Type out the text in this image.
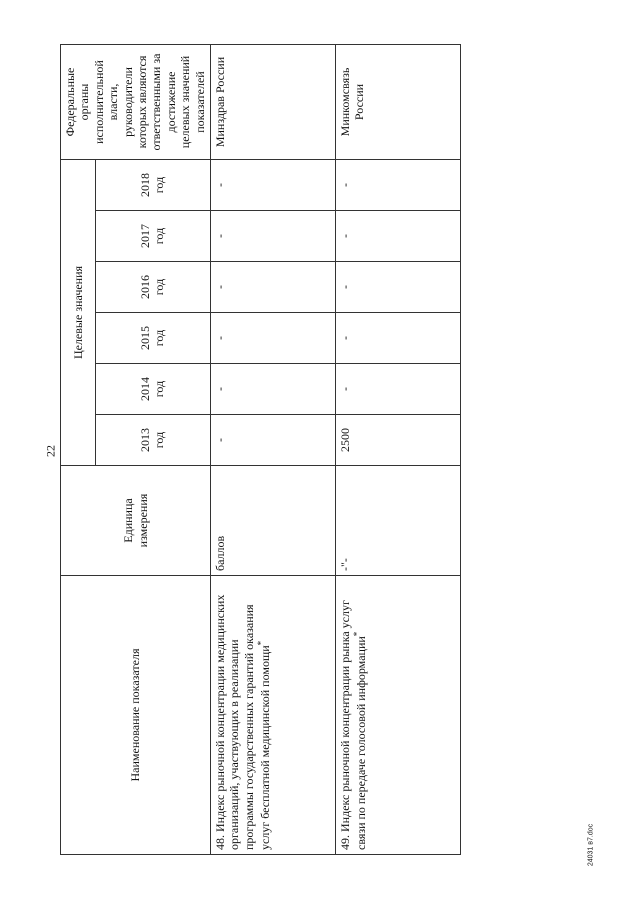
22
24031 в7.doc
Наименование показателя	Единица измерения	Целевые значения						Федеральные органы исполнительной власти, руководители которых являются ответственными за достижение целевых значений показателей
		2013 год	2014 год	2015 год	2016 год	2017 год	2018 год	
48. Индекс рыночной концентрации медицинских организаций, участвующих в реализации программы государственных гарантий оказания услуг бесплатной медицинской помощи*	баллов	-	-	-	-	-	-	Минздрав России
49. Индекс рыночной концентрации рынка услуг связи по передаче голосовой информации*	-"-	2500	-	-	-	-	-	Минкомсвязь России
